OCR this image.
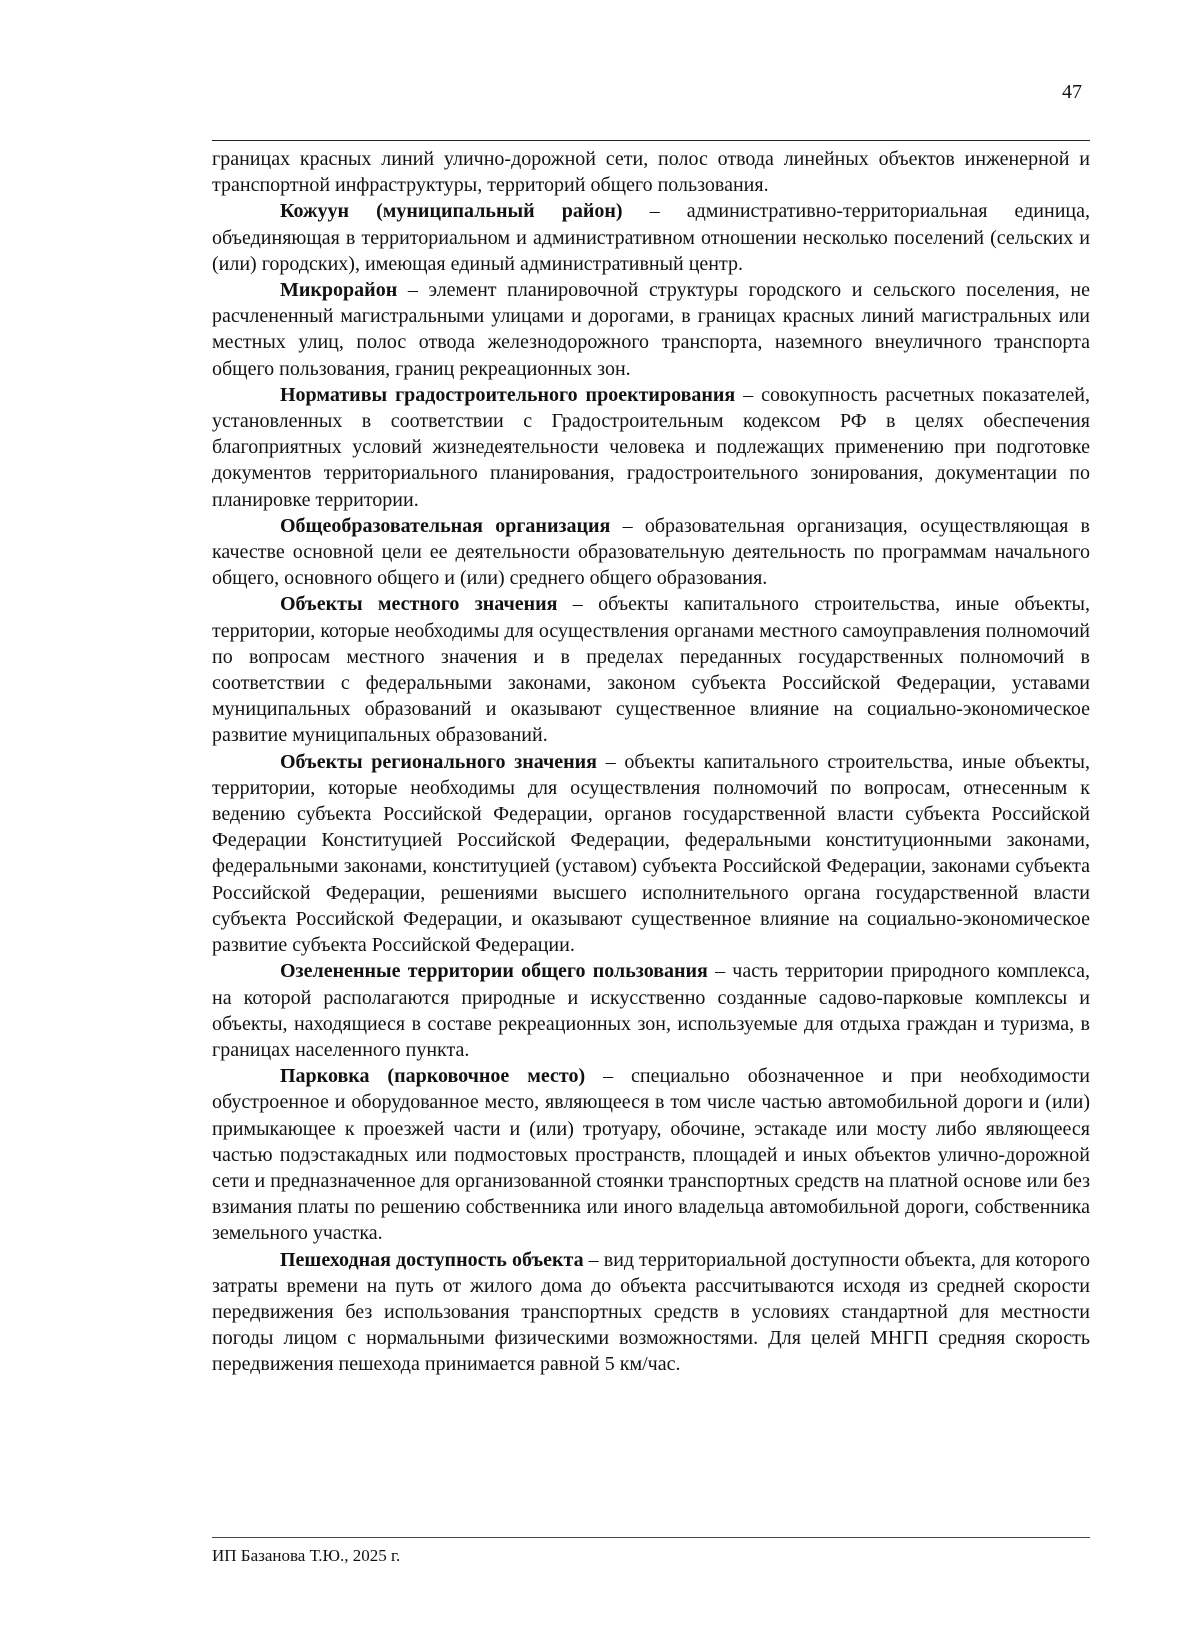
47

границах красных линий улично-дорожной сети, полос отвода линейных объектов инженерной и транспортной инфраструктуры, территорий общего пользования.

Кожуун (муниципальный район) – административно-территориальная единица, объединяющая в территориальном и административном отношении несколько поселений (сельских и (или) городских), имеющая единый административный центр.

Микрорайон – элемент планировочной структуры городского и сельского поселения, не расчлененный магистральными улицами и дорогами, в границах красных линий магистральных или местных улиц, полос отвода железнодорожного транспорта, наземного внеуличного транспорта общего пользования, границ рекреационных зон.

Нормативы градостроительного проектирования – совокупность расчетных показателей, установленных в соответствии с Градостроительным кодексом РФ в целях обеспечения благоприятных условий жизнедеятельности человека и подлежащих применению при подготовке документов территориального планирования, градостроительного зонирования, документации по планировке территории.

Общеобразовательная организация – образовательная организация, осуществляющая в качестве основной цели ее деятельности образовательную деятельность по программам начального общего, основного общего и (или) среднего общего образования.

Объекты местного значения – объекты капитального строительства, иные объекты, территории, которые необходимы для осуществления органами местного самоуправления полномочий по вопросам местного значения и в пределах переданных государственных полномочий в соответствии с федеральными законами, законом субъекта Российской Федерации, уставами муниципальных образований и оказывают существенное влияние на социально-экономическое развитие муниципальных образований.

Объекты регионального значения – объекты капитального строительства, иные объекты, территории, которые необходимы для осуществления полномочий по вопросам, отнесенным к ведению субъекта Российской Федерации, органов государственной власти субъекта Российской Федерации Конституцией Российской Федерации, федеральными конституционными законами, федеральными законами, конституцией (уставом) субъекта Российской Федерации, законами субъекта Российской Федерации, решениями высшего исполнительного органа государственной власти субъекта Российской Федерации, и оказывают существенное влияние на социально-экономическое развитие субъекта Российской Федерации.

Озелененные территории общего пользования – часть территории природного комплекса, на которой располагаются природные и искусственно созданные садово-парковые комплексы и объекты, находящиеся в составе рекреационных зон, используемые для отдыха граждан и туризма, в границах населенного пункта.

Парковка (парковочное место) – специально обозначенное и при необходимости обустроенное и оборудованное место, являющееся в том числе частью автомобильной дороги и (или) примыкающее к проезжей части и (или) тротуару, обочине, эстакаде или мосту либо являющееся частью подэстакадных или подмостовых пространств, площадей и иных объектов улично-дорожной сети и предназначенное для организованной стоянки транспортных средств на платной основе или без взимания платы по решению собственника или иного владельца автомобильной дороги, собственника земельного участка.

Пешеходная доступность объекта – вид территориальной доступности объекта, для которого затраты времени на путь от жилого дома до объекта рассчитываются исходя из средней скорости передвижения без использования транспортных средств в условиях стандартной для местности погоды лицом с нормальными физическими возможностями. Для целей МНГП средняя скорость передвижения пешехода принимается равной 5 км/час.

ИП Базанова Т.Ю., 2025 г.
